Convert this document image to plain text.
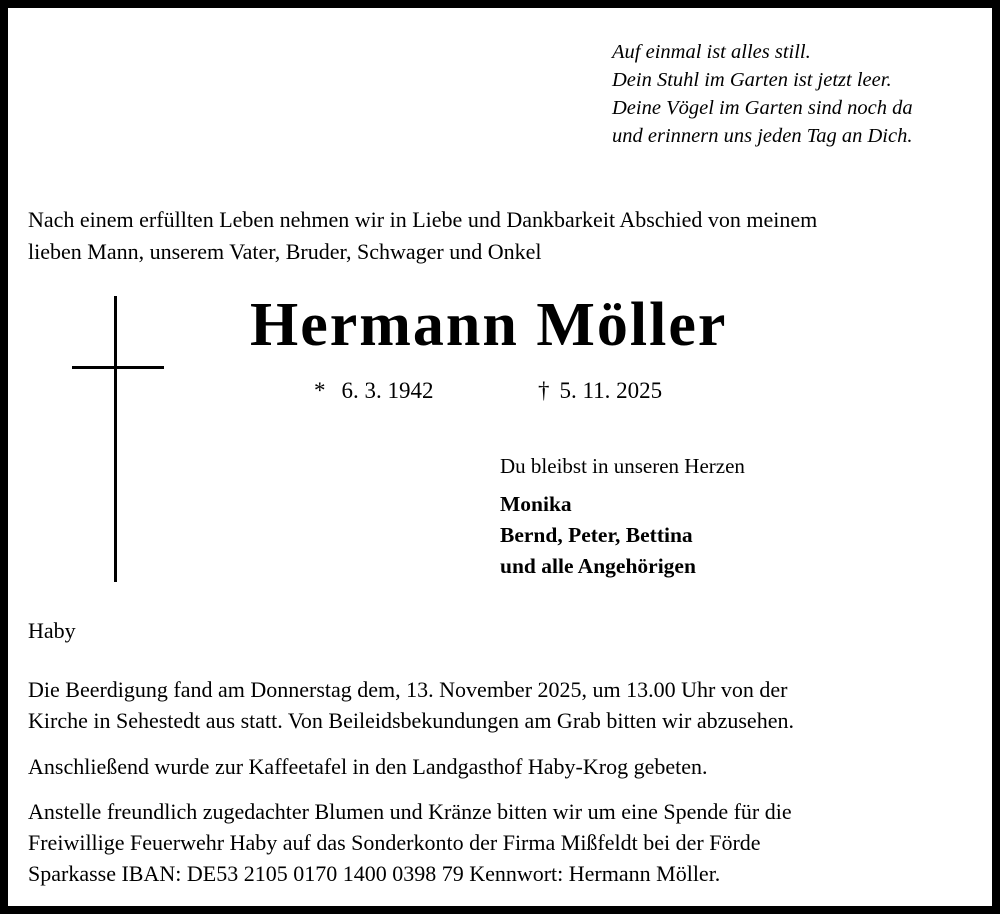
Auf einmal ist alles still.
Dein Stuhl im Garten ist jetzt leer.
Deine Vögel im Garten sind noch da
und erinnern uns jeden Tag an Dich.
Nach einem erfüllten Leben nehmen wir in Liebe und Dankbarkeit Abschied von meinem
lieben Mann, unserem Vater, Bruder, Schwager und Onkel
Hermann Möller
* 6. 3. 1942	† 5. 11. 2025
Du bleibst in unseren Herzen
Monika
Bernd, Peter, Bettina
und alle Angehörigen
Haby
Die Beerdigung fand am Donnerstag dem, 13. November 2025, um 13.00 Uhr von der
Kirche in Sehestedt aus statt. Von Beileidsbekundungen am Grab bitten wir abzusehen.
Anschließend wurde zur Kaffeetafel in den Landgasthof Haby-Krog gebeten.
Anstelle freundlich zugedachter Blumen und Kränze bitten wir um eine Spende für die
Freiwillige Feuerwehr Haby auf das Sonderkonto der Firma Mißfeldt bei der Förde
Sparkasse IBAN: DE53 2105 0170 1400 0398 79 Kennwort: Hermann Möller.
